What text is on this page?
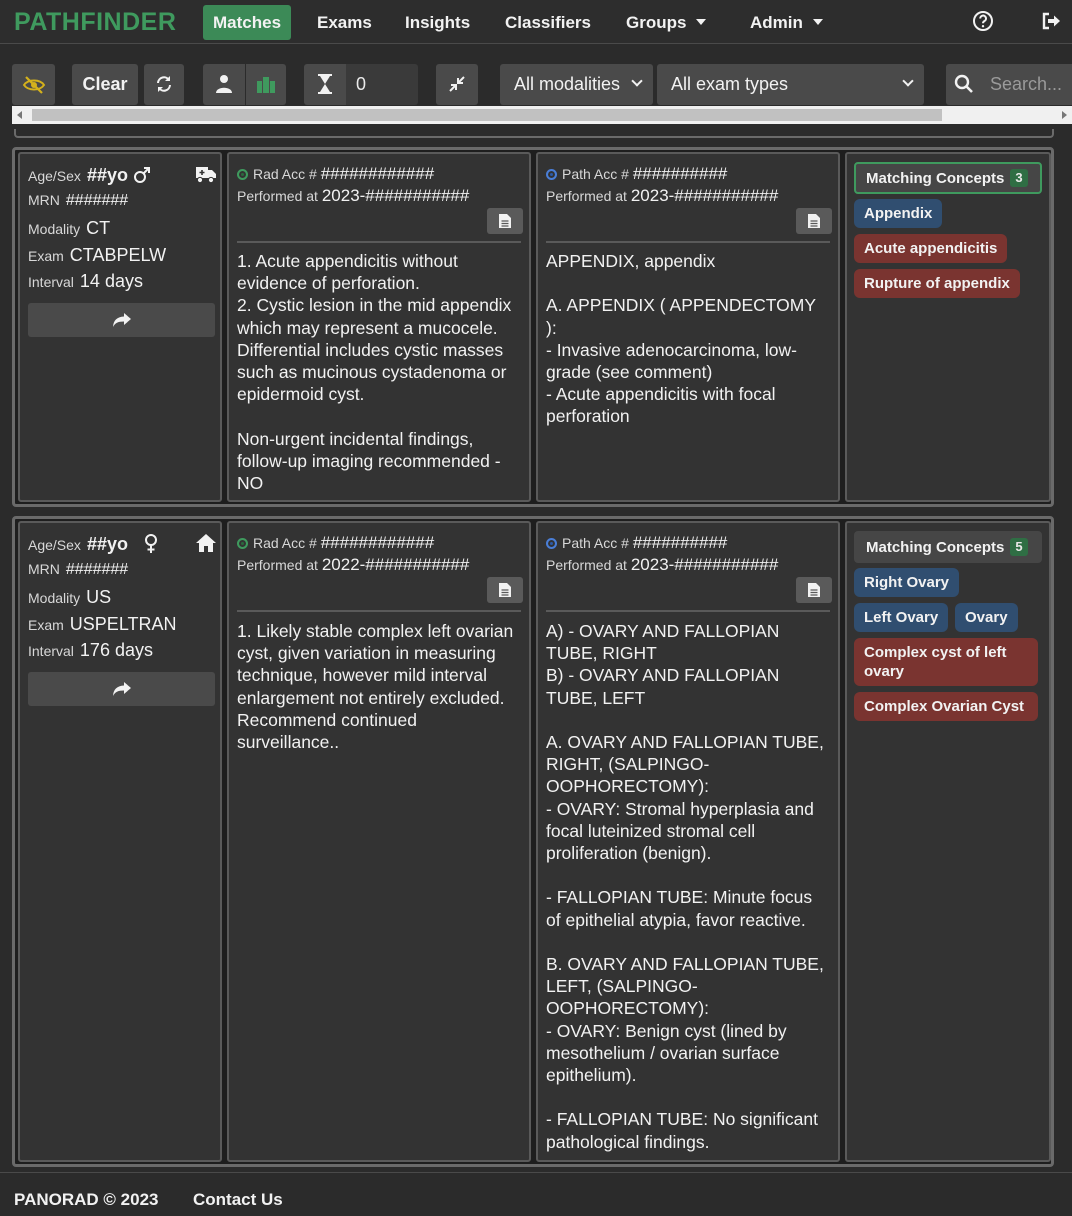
PATHFINDER	Matches	Exams	Insights	Classifiers	Groups	Admin
Clear	0	All modalities	All exam types	Search...
Age/Sex ##yo
MRN #######
Modality CT
Exam CTABPELW
Interval 14 days
Rad Acc # ############
Performed at 2023-###########
1. Acute appendicitis without
evidence of perforation.
2. Cystic lesion in the mid appendix
which may represent a mucocele.
Differential includes cystic masses
such as mucinous cystadenoma or
epidermoid cyst.

Non-urgent incidental findings,
follow-up imaging recommended -
NO
Path Acc # ##########
Performed at 2023-###########
APPENDIX, appendix

A. APPENDIX ( APPENDECTOMY
):
- Invasive adenocarcinoma, low-
grade (see comment)
- Acute appendicitis with focal
perforation
Matching Concepts 3
Appendix
Acute appendicitis
Rupture of appendix
Age/Sex ##yo
MRN #######
Modality US
Exam USPELTRAN
Interval 176 days
Rad Acc # ############
Performed at 2022-###########
1. Likely stable complex left ovarian
cyst, given variation in measuring
technique, however mild interval
enlargement not entirely excluded.
Recommend continued
surveillance..
Path Acc # ##########
Performed at 2023-###########
A) - OVARY AND FALLOPIAN
TUBE, RIGHT
B) - OVARY AND FALLOPIAN
TUBE, LEFT

A. OVARY AND FALLOPIAN TUBE,
RIGHT, (SALPINGO-
OOPHORECTOMY):
- OVARY: Stromal hyperplasia and
focal luteinized stromal cell
proliferation (benign).

- FALLOPIAN TUBE: Minute focus
of epithelial atypia, favor reactive.

B. OVARY AND FALLOPIAN TUBE,
LEFT, (SALPINGO-
OOPHORECTOMY):
- OVARY: Benign cyst (lined by
mesothelium / ovarian surface
epithelium).

- FALLOPIAN TUBE: No significant
pathological findings.
Matching Concepts 5
Right Ovary
Left Ovary	Ovary
Complex cyst of left ovary
Complex Ovarian Cyst
PANORAD © 2023 Contact Us
